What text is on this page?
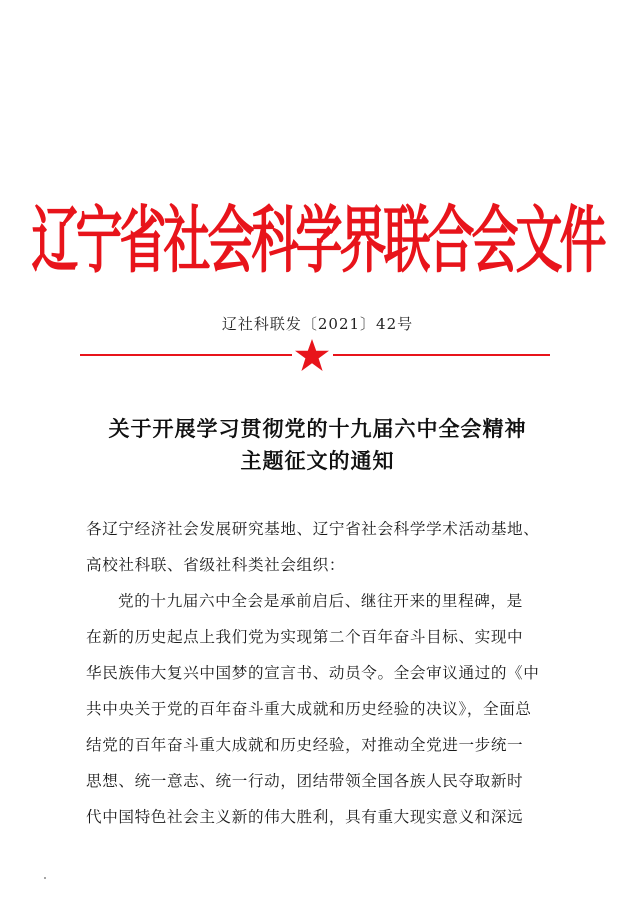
辽宁省社会科学界联合会文件
辽社科联发〔2021〕42号
关于开展学习贯彻党的十九届六中全会精神
主题征文的通知
各辽宁经济社会发展研究基地、辽宁省社会科学学术活动基地、
高校社科联、省级社科类社会组织：
党的十九届六中全会是承前启后、继往开来的里程碑，是
在新的历史起点上我们党为实现第二个百年奋斗目标、实现中
华民族伟大复兴中国梦的宣言书、动员令。全会审议通过的《中
共中央关于党的百年奋斗重大成就和历史经验的决议》，全面总
结党的百年奋斗重大成就和历史经验，对推动全党进一步统一
思想、统一意志、统一行动，团结带领全国各族人民夺取新时
代中国特色社会主义新的伟大胜利，具有重大现实意义和深远
